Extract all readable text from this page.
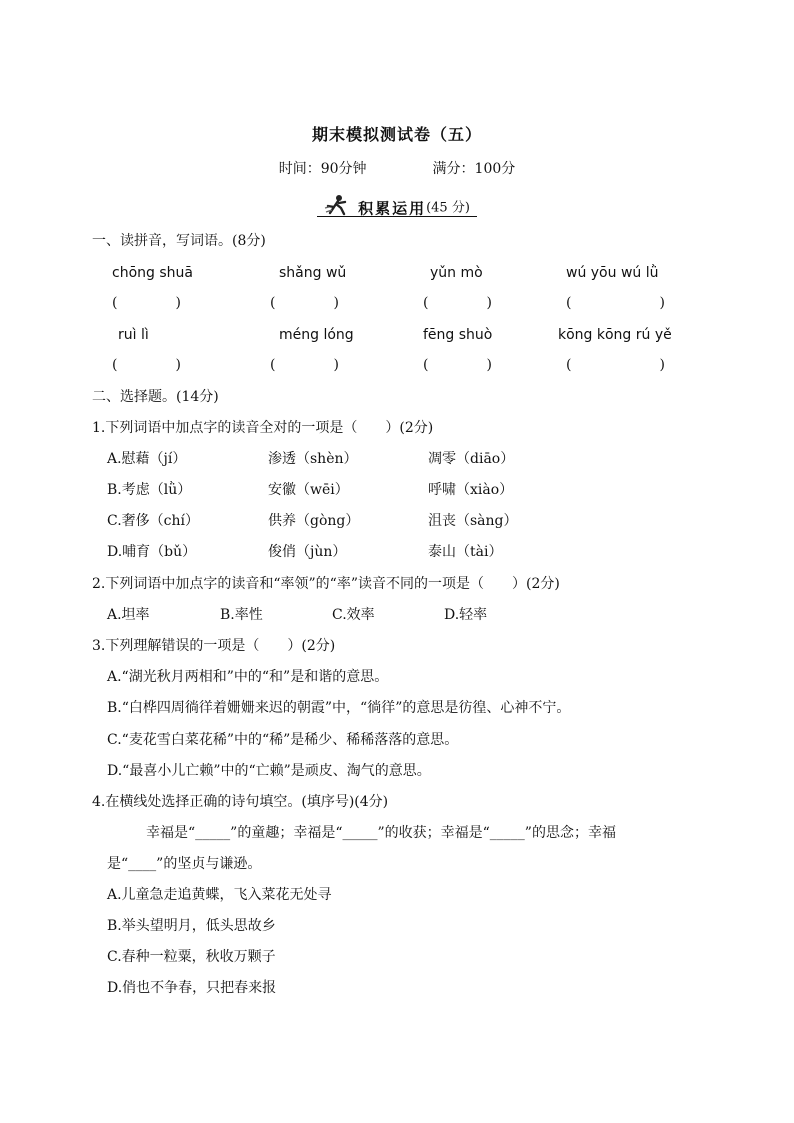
期末模拟测试卷（五）
时间：90分钟	满分：100分
积累运用(45 分)
一、读拼音，写词语。(8分)
chōng shuā	shǎng wǔ	yǔn mò	wú yōu wú lǜ
(	)	(	)	(	)	(	)
ruì lì	méng lóng	fēng shuò	kōng kōng rú yě
(	)	(	)	(	)	(	)
二、选择题。(14分)
1.下列词语中加点字的读音全对的一项是（　　）(2分)
A.慰藉（jí）	渗透（shèn）	凋零（diāo）
B.考虑（lǜ）	安徽（wēi）	呼啸（xiào）
C.奢侈（chí）	供养（gòng）	沮丧（sàng）
D.哺育（bǔ）	俊俏（jùn）	泰山（tài）
2.下列词语中加点字的读音和“率领”的“率”读音不同的一项是（　　）(2分)
A.坦率	B.率性	C.效率	D.轻率
3.下列理解错误的一项是（　　）(2分)
A.“湖光秋月两相和”中的“和”是和谐的意思。
B.“白桦四周徜徉着姗姗来迟的朝霞”中，“徜徉”的意思是彷徨、心神不宁。
C.“麦花雪白菜花稀”中的“稀”是稀少、稀稀落落的意思。
D.“最喜小儿亡赖”中的“亡赖”是顽皮、淘气的意思。
4.在横线处选择正确的诗句填空。(填序号)(4分)
幸福是“_____”的童趣；幸福是“_____”的收获；幸福是“_____”的思念；幸福
是“____”的坚贞与谦逊。
A.儿童急走追黄蝶，飞入菜花无处寻
B.举头望明月，低头思故乡
C.春种一粒粟，秋收万颗子
D.俏也不争春，只把春来报
